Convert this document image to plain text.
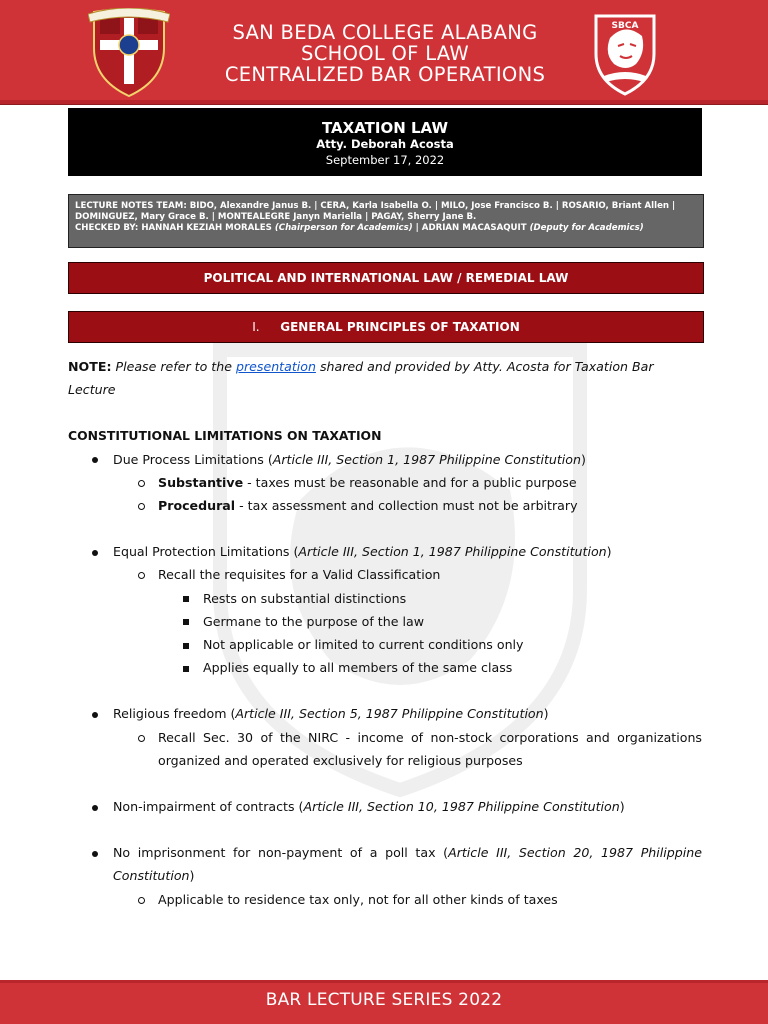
SAN BEDA COLLEGE ALABANG
SCHOOL OF LAW
CENTRALIZED BAR OPERATIONS
SBCA
TAXATION LAW
Atty. Deborah Acosta
September 17, 2022
LECTURE NOTES TEAM: BIDO, Alexandre Janus B. | CERA, Karla Isabella O. | MILO, Jose Francisco B. | ROSARIO, Briant Allen |
DOMINGUEZ, Mary Grace B. | MONTEALEGRE Janyn Mariella | PAGAY, Sherry Jane B.
CHECKED BY: HANNAH KEZIAH MORALES (Chairperson for Academics) | ADRIAN MACASAQUIT (Deputy for Academics)
POLITICAL AND INTERNATIONAL LAW / REMEDIAL LAW
I. GENERAL PRINCIPLES OF TAXATION
NOTE: Please refer to the presentation shared and provided by Atty. Acosta for Taxation Bar Lecture
CONSTITUTIONAL LIMITATIONS ON TAXATION
Due Process Limitations (Article III, Section 1, 1987 Philippine Constitution)
Substantive - taxes must be reasonable and for a public purpose
Procedural - tax assessment and collection must not be arbitrary
Equal Protection Limitations (Article III, Section 1, 1987 Philippine Constitution)
Recall the requisites for a Valid Classification
Rests on substantial distinctions
Germane to the purpose of the law
Not applicable or limited to current conditions only
Applies equally to all members of the same class
Religious freedom (Article III, Section 5, 1987 Philippine Constitution)
Recall Sec. 30 of the NIRC - income of non-stock corporations and organizations
organized and operated exclusively for religious purposes
Non-impairment of contracts (Article III, Section 10, 1987 Philippine Constitution)
No imprisonment for non-payment of a poll tax (Article III, Section 20, 1987 Philippine
Constitution)
Applicable to residence tax only, not for all other kinds of taxes
BAR LECTURE SERIES 2022
